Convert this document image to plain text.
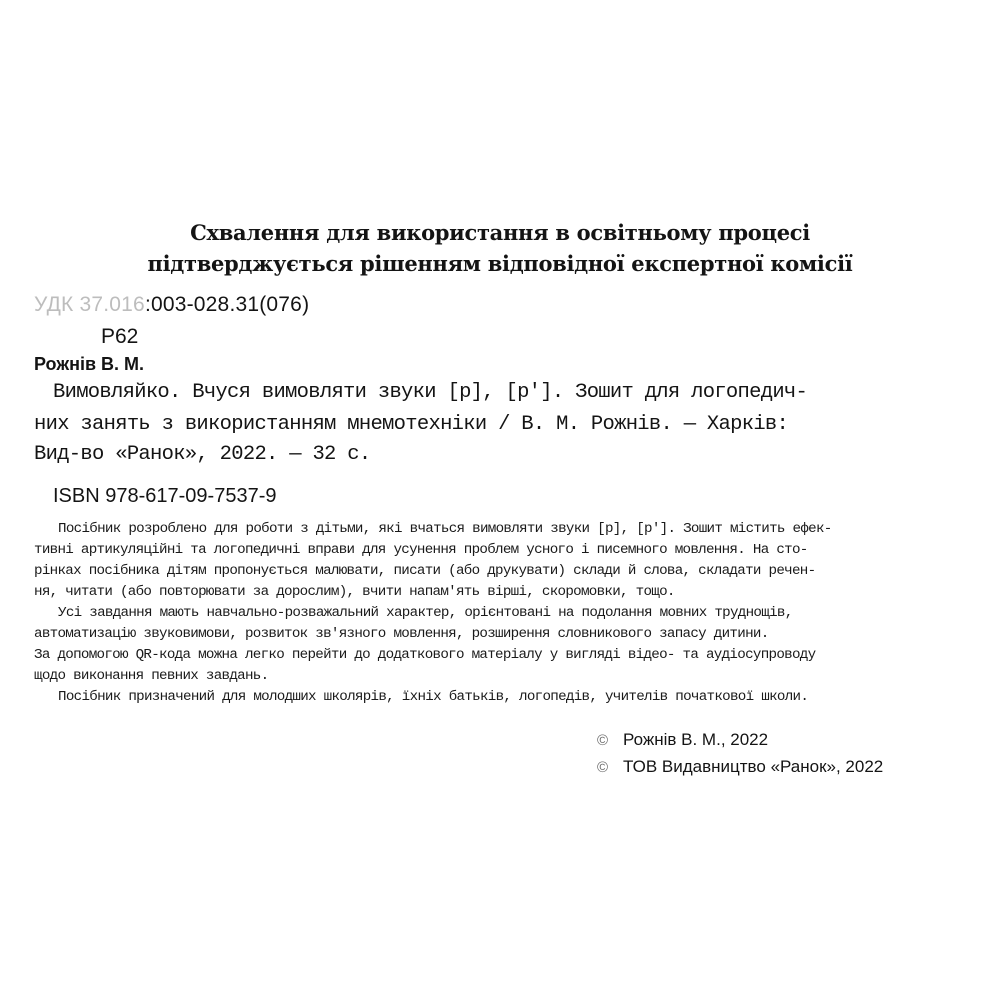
Схвалення для використання в освітньому процесі
підтверджується рішенням відповідної експертної комісії
УДК 37.016:003-028.31(076)
Р62
Рожнів В. М.
Вимовляйко. Вчуся вимовляти звуки [р], [р′]. Зошит для логопедич-
них занять з використанням мнемотехніки / В. М. Рожнів. — Харків:
Вид-во «Ранок», 2022. — 32 с.
ISBN 978-617-09-7537-9
Посібник розроблено для роботи з дітьми, які вчаться вимовляти звуки [р], [р′]. Зошит містить ефек-
тивні артикуляційні та логопедичні вправи для усунення проблем усного і писемного мовлення. На сто-
рінках посібника дітям пропонується малювати, писати (або друкувати) склади й слова, складати речен-
ня, читати (або повторювати за дорослим), вчити напам'ять вірші, скоромовки, тощо.
Усі завдання мають навчально-розважальний характер, орієнтовані на подолання мовних труднощів,
автоматизацію звуковимови, розвиток зв'язного мовлення, розширення словникового запасу дитини.
За допомогою QR-кода можна легко перейти до додаткового матеріалу у вигляді відео- та аудіосупроводу
щодо виконання певних завдань.
Посібник призначений для молодших школярів, їхніх батьків, логопедів, учителів початкової школи.
© Рожнів В. М., 2022
© ТОВ Видавництво «Ранок», 2022
